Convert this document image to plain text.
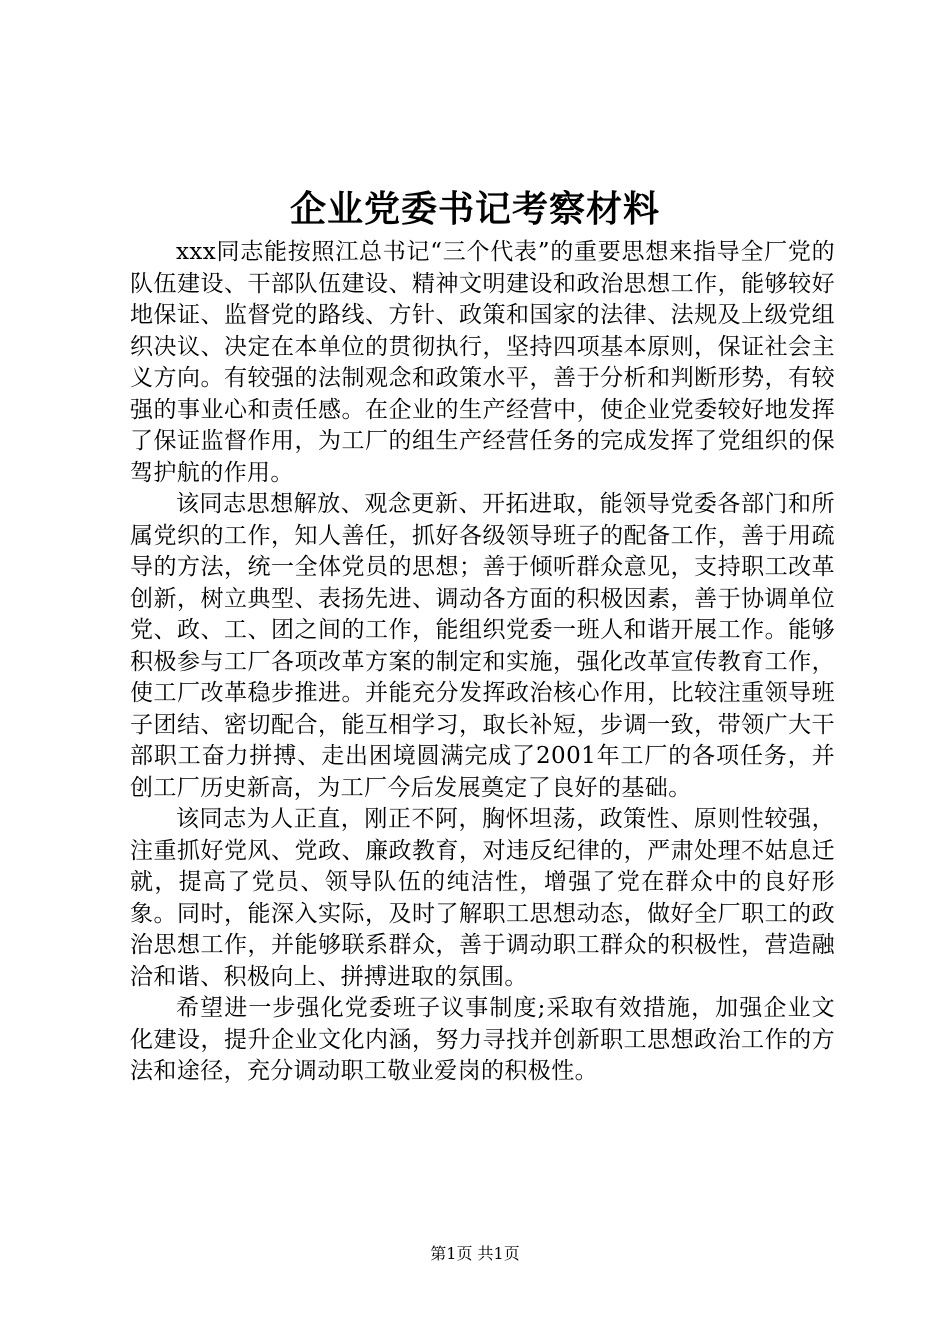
企业党委书记考察材料

xxx同志能按照江总书记“三个代表”的重要思想来指导全厂党的队伍建设、干部队伍建设、精神文明建设和政治思想工作，能够较好地保证、监督党的路线、方针、政策和国家的法律、法规及上级党组织决议、决定在本单位的贯彻执行，坚持四项基本原则，保证社会主义方向。有较强的法制观念和政策水平，善于分析和判断形势，有较强的事业心和责任感。在企业的生产经营中，使企业党委较好地发挥了保证监督作用，为工厂的组生产经营任务的完成发挥了党组织的保驾护航的作用。

该同志思想解放、观念更新、开拓进取，能领导党委各部门和所属党织的工作，知人善任，抓好各级领导班子的配备工作，善于用疏导的方法，统一全体党员的思想；善于倾听群众意见，支持职工改革创新，树立典型、表扬先进、调动各方面的积极因素，善于协调单位党、政、工、团之间的工作，能组织党委一班人和谐开展工作。能够积极参与工厂各项改革方案的制定和实施，强化改革宣传教育工作，使工厂改革稳步推进。并能充分发挥政治核心作用，比较注重领导班子团结、密切配合，能互相学习，取长补短，步调一致，带领广大干部职工奋力拼搏、走出困境圆满完成了2001年工厂的各项任务，并创工厂历史新高，为工厂今后发展奠定了良好的基础。

该同志为人正直，刚正不阿，胸怀坦荡，政策性、原则性较强，注重抓好党风、党政、廉政教育，对违反纪律的，严肃处理不姑息迁就，提高了党员、领导队伍的纯洁性，增强了党在群众中的良好形象。同时，能深入实际，及时了解职工思想动态，做好全厂职工的政治思想工作，并能够联系群众，善于调动职工群众的积极性，营造融洽和谐、积极向上、拼搏进取的氛围。

希望进一步强化党委班子议事制度;采取有效措施，加强企业文化建设，提升企业文化内涵，努力寻找并创新职工思想政治工作的方法和途径，充分调动职工敬业爱岗的积极性。

第1页 共1页
